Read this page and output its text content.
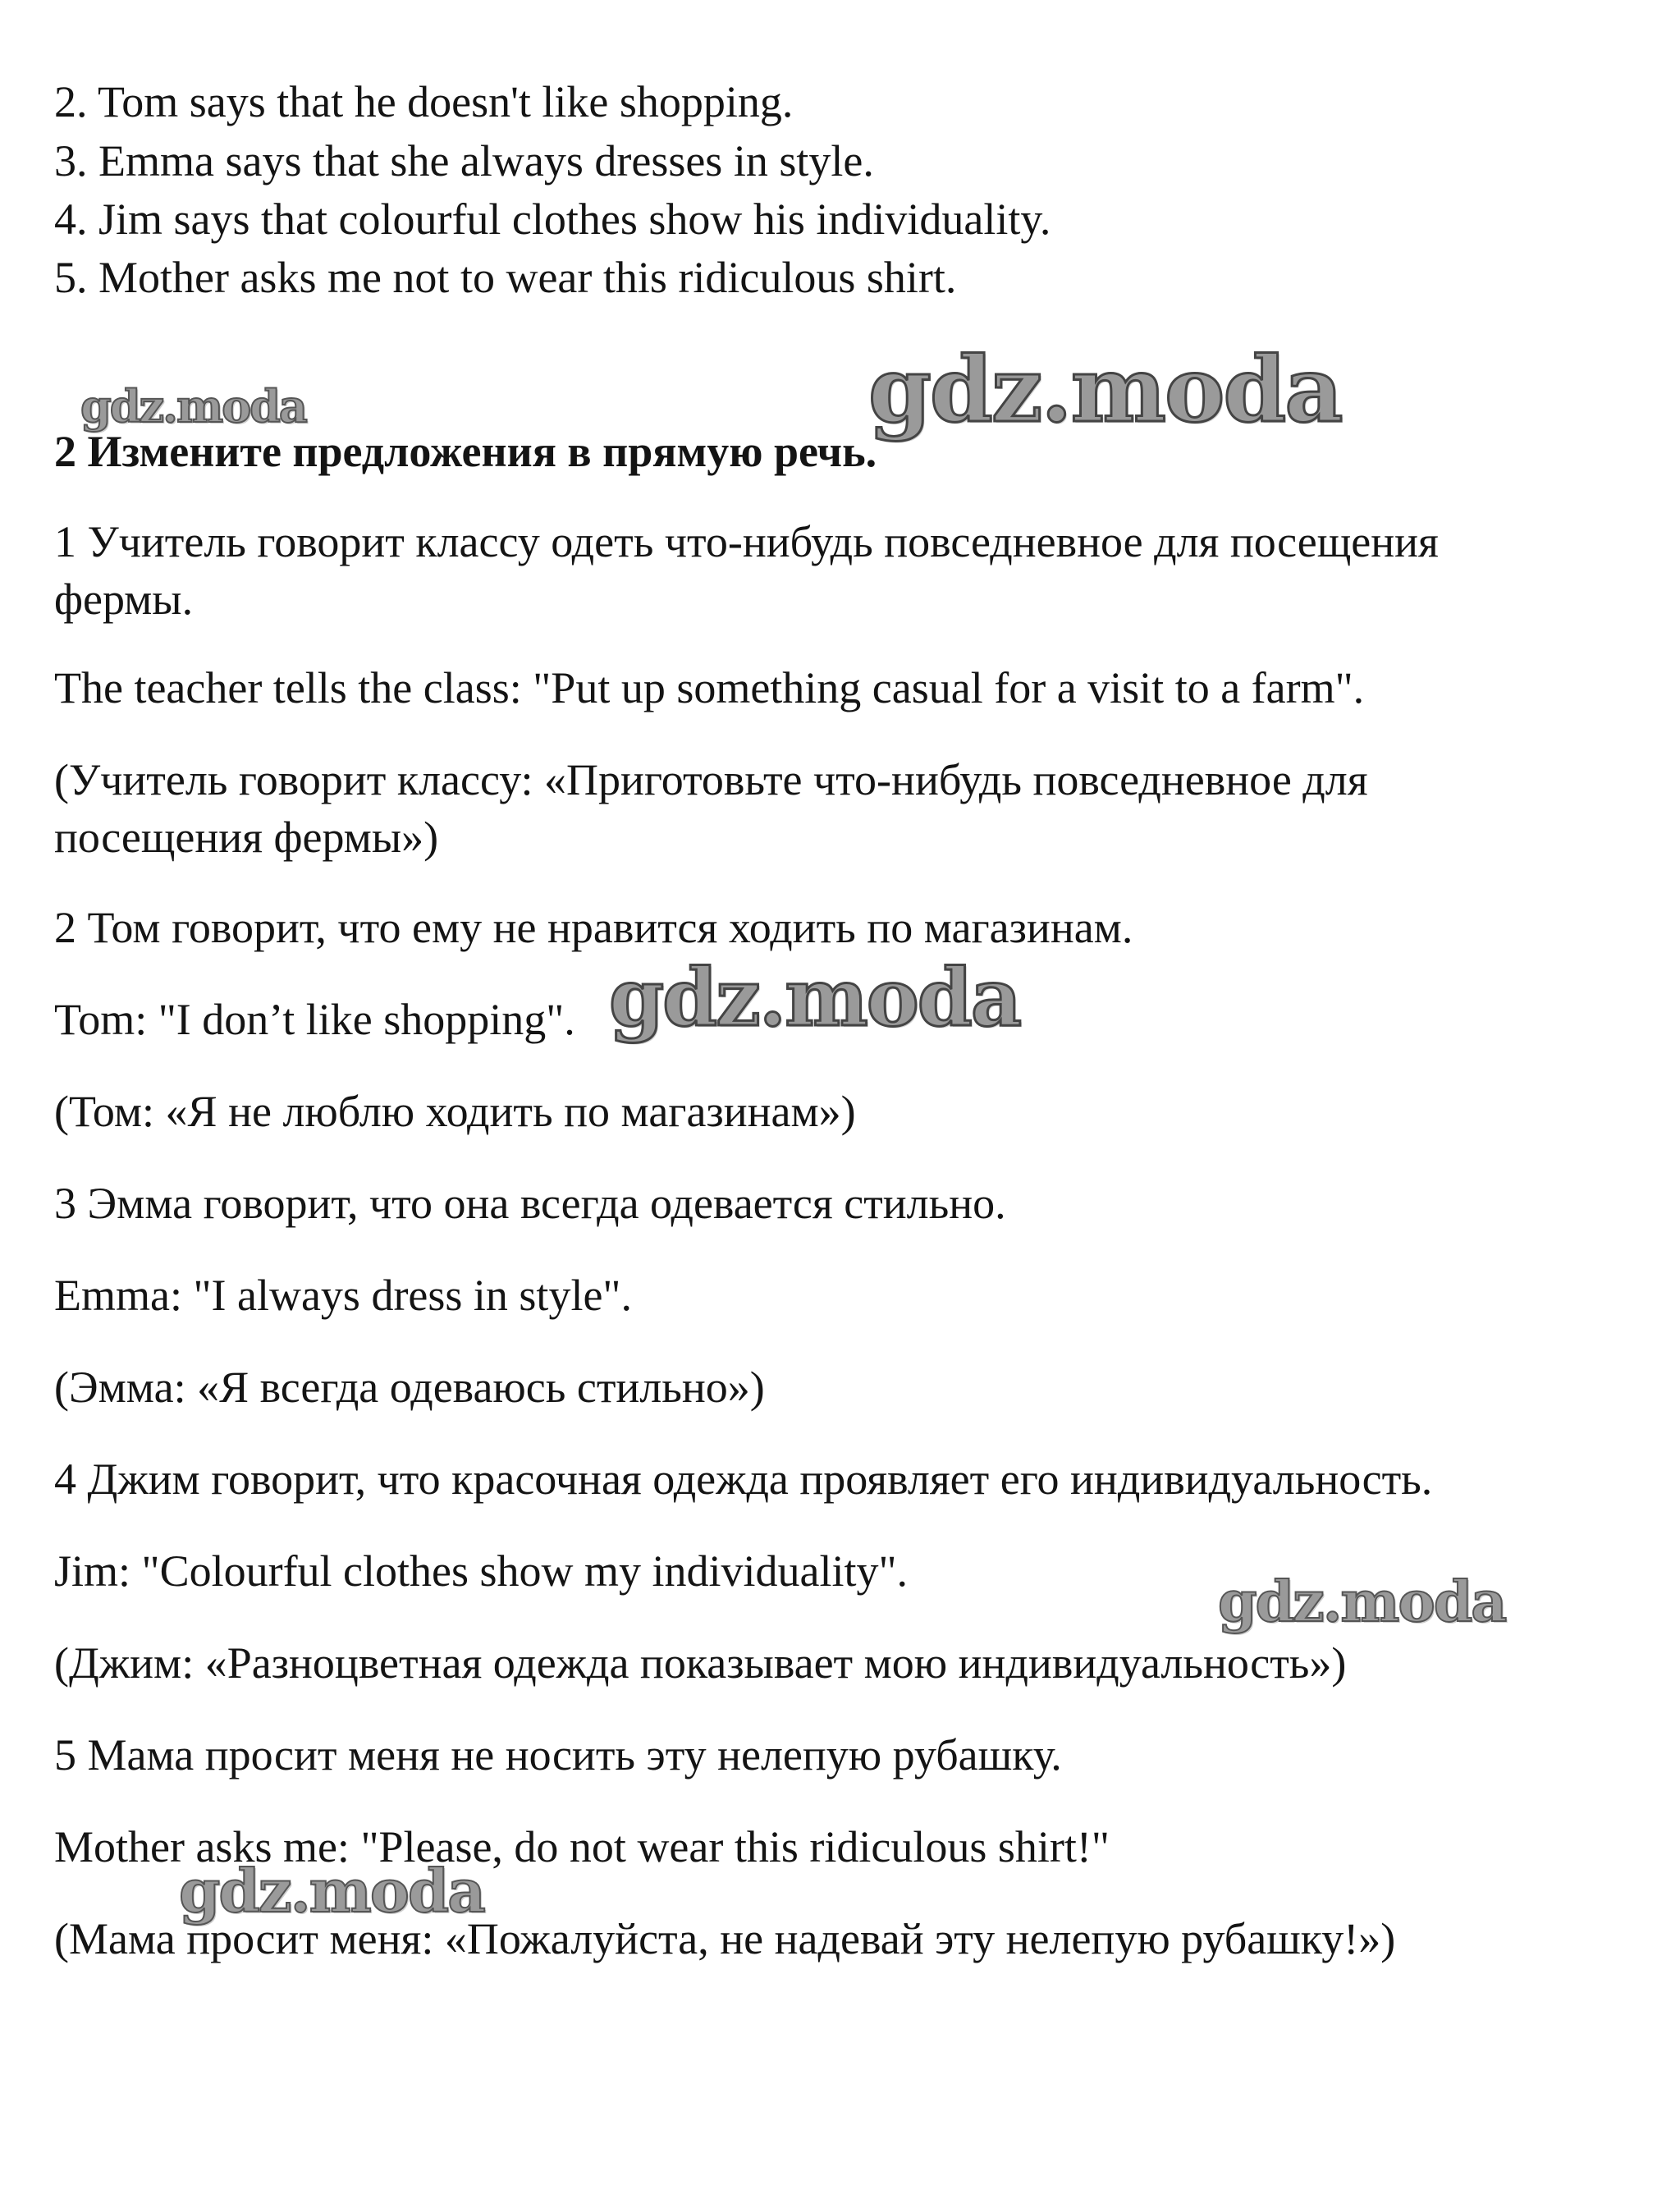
2. Tom says that he doesn't like shopping.

3. Emma says that she always dresses in style.

4. Jim says that colourful clothes show his individuality.

5. Mother asks me not to wear this ridiculous shirt.

gdz.moda	gdz.moda
gdz.moda
gdz.moda
gdz.moda
2 Измените предложения в прямую речь.

1 Учитель говорит классу одеть что-нибудь повседневное для посещения

фермы.

The teacher tells the class: "Put up something casual for a visit to a farm".

(Учитель говорит классу: «Приготовьте что-нибудь повседневное для

посещения фермы»)

2 Том говорит, что ему не нравится ходить по магазинам.

Tom: "I don’t like shopping".

(Том: «Я не люблю ходить по магазинам»)

3 Эмма говорит, что она всегда одевается стильно.

Emma: "I always dress in style".

(Эмма: «Я всегда одеваюсь стильно»)

4 Джим говорит, что красочная одежда проявляет его индивидуальность.

Jim: "Colourful clothes show my individuality".

(Джим: «Разноцветная одежда показывает мою индивидуальность»)

5 Мама просит меня не носить эту нелепую рубашку.

Mother asks me: "Please, do not wear this ridiculous shirt!"

(Мама просит меня: «Пожалуйста, не надевай эту нелепую рубашку!»)
